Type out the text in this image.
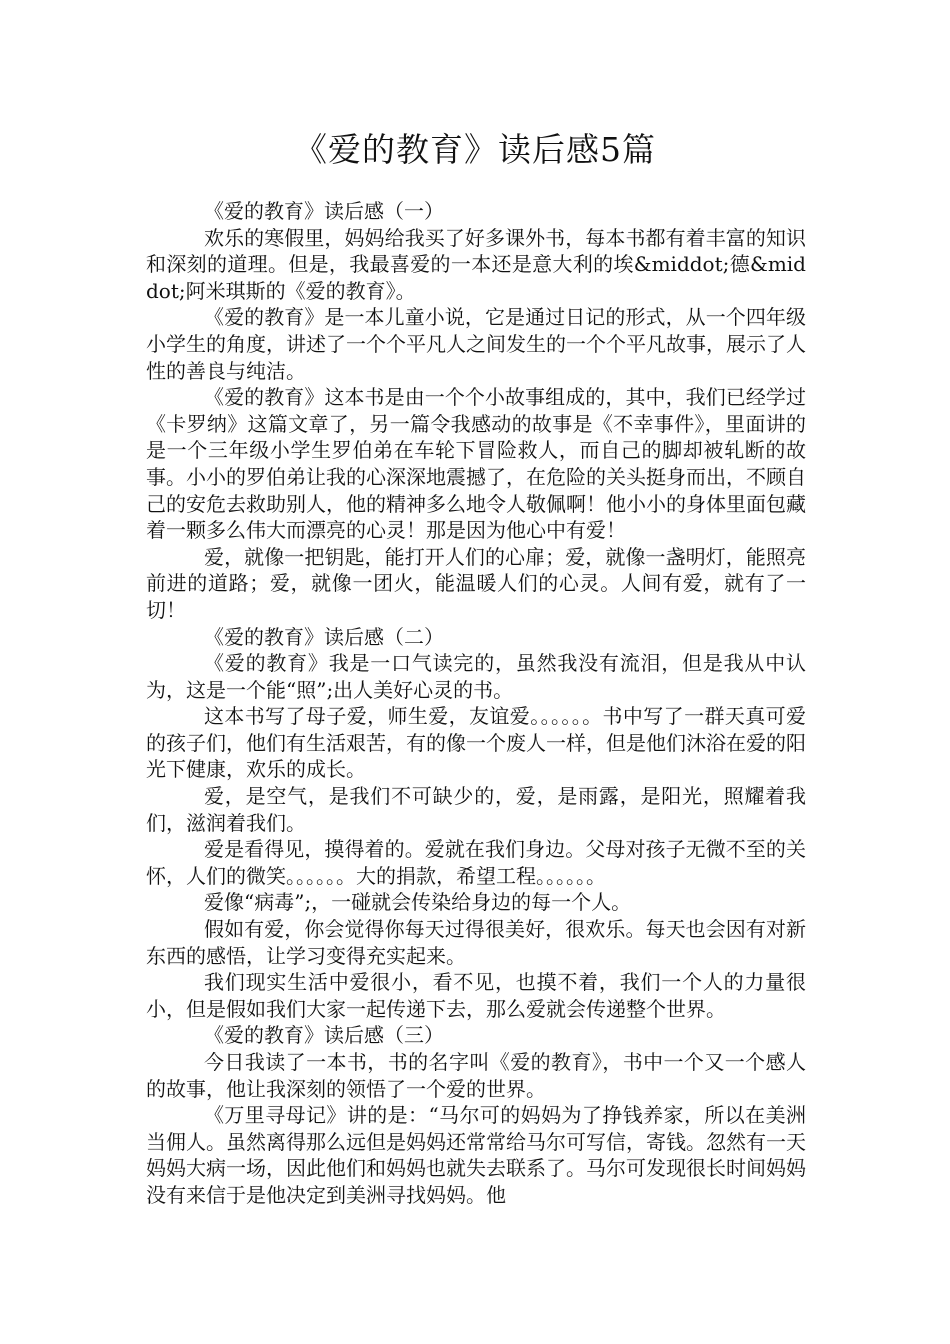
《爱的教育》读后感5篇

《爱的教育》读后感（一）

欢乐的寒假里，妈妈给我买了好多课外书，每本书都有着丰富的知识和深刻的道理。但是，我最喜爱的一本还是意大利的埃&middot;德&middot;阿米琪斯的《爱的教育》。

《爱的教育》是一本儿童小说，它是通过日记的形式，从一个四年级小学生的角度，讲述了一个个平凡人之间发生的一个个平凡故事，展示了人性的善良与纯洁。

《爱的教育》这本书是由一个个小故事组成的，其中，我们已经学过《卡罗纳》这篇文章了，另一篇令我感动的故事是《不幸事件》，里面讲的是一个三年级小学生罗伯弟在车轮下冒险救人，而自己的脚却被轧断的故事。小小的罗伯弟让我的心深深地震撼了，在危险的关头挺身而出，不顾自己的安危去救助别人，他的精神多么地令人敬佩啊！他小小的身体里面包藏着一颗多么伟大而漂亮的心灵！那是因为他心中有爱！

爱，就像一把钥匙，能打开人们的心扉；爱，就像一盏明灯，能照亮前进的道路；爱，就像一团火，能温暖人们的心灵。人间有爱，就有了一切！

《爱的教育》读后感（二）

《爱的教育》我是一口气读完的，虽然我没有流泪，但是我从中认为，这是一个能“照”;出人美好心灵的书。

这本书写了母子爱，师生爱，友谊爱。。。。。。书中写了一群天真可爱的孩子们，他们有生活艰苦，有的像一个废人一样，但是他们沐浴在爱的阳光下健康，欢乐的成长。

爱，是空气，是我们不可缺少的，爱，是雨露，是阳光，照耀着我们，滋润着我们。

爱是看得见，摸得着的。爱就在我们身边。父母对孩子无微不至的关怀，人们的微笑。。。。。。大的捐款，希望工程。。。。。。

爱像“病毒”;，一碰就会传染给身边的每一个人。

假如有爱，你会觉得你每天过得很美好，很欢乐。每天也会因有对新东西的感悟，让学习变得充实起来。

我们现实生活中爱很小，看不见，也摸不着，我们一个人的力量很小，但是假如我们大家一起传递下去，那么爱就会传递整个世界。

《爱的教育》读后感（三）

今日我读了一本书，书的名字叫《爱的教育》，书中一个又一个感人的故事，他让我深刻的领悟了一个爱的世界。

《万里寻母记》讲的是：“马尔可的妈妈为了挣钱养家，所以在美洲当佣人。虽然离得那么远但是妈妈还常常给马尔可写信，寄钱。忽然有一天妈妈大病一场，因此他们和妈妈也就失去联系了。马尔可发现很长时间妈妈没有来信于是他决定到美洲寻找妈妈。他
